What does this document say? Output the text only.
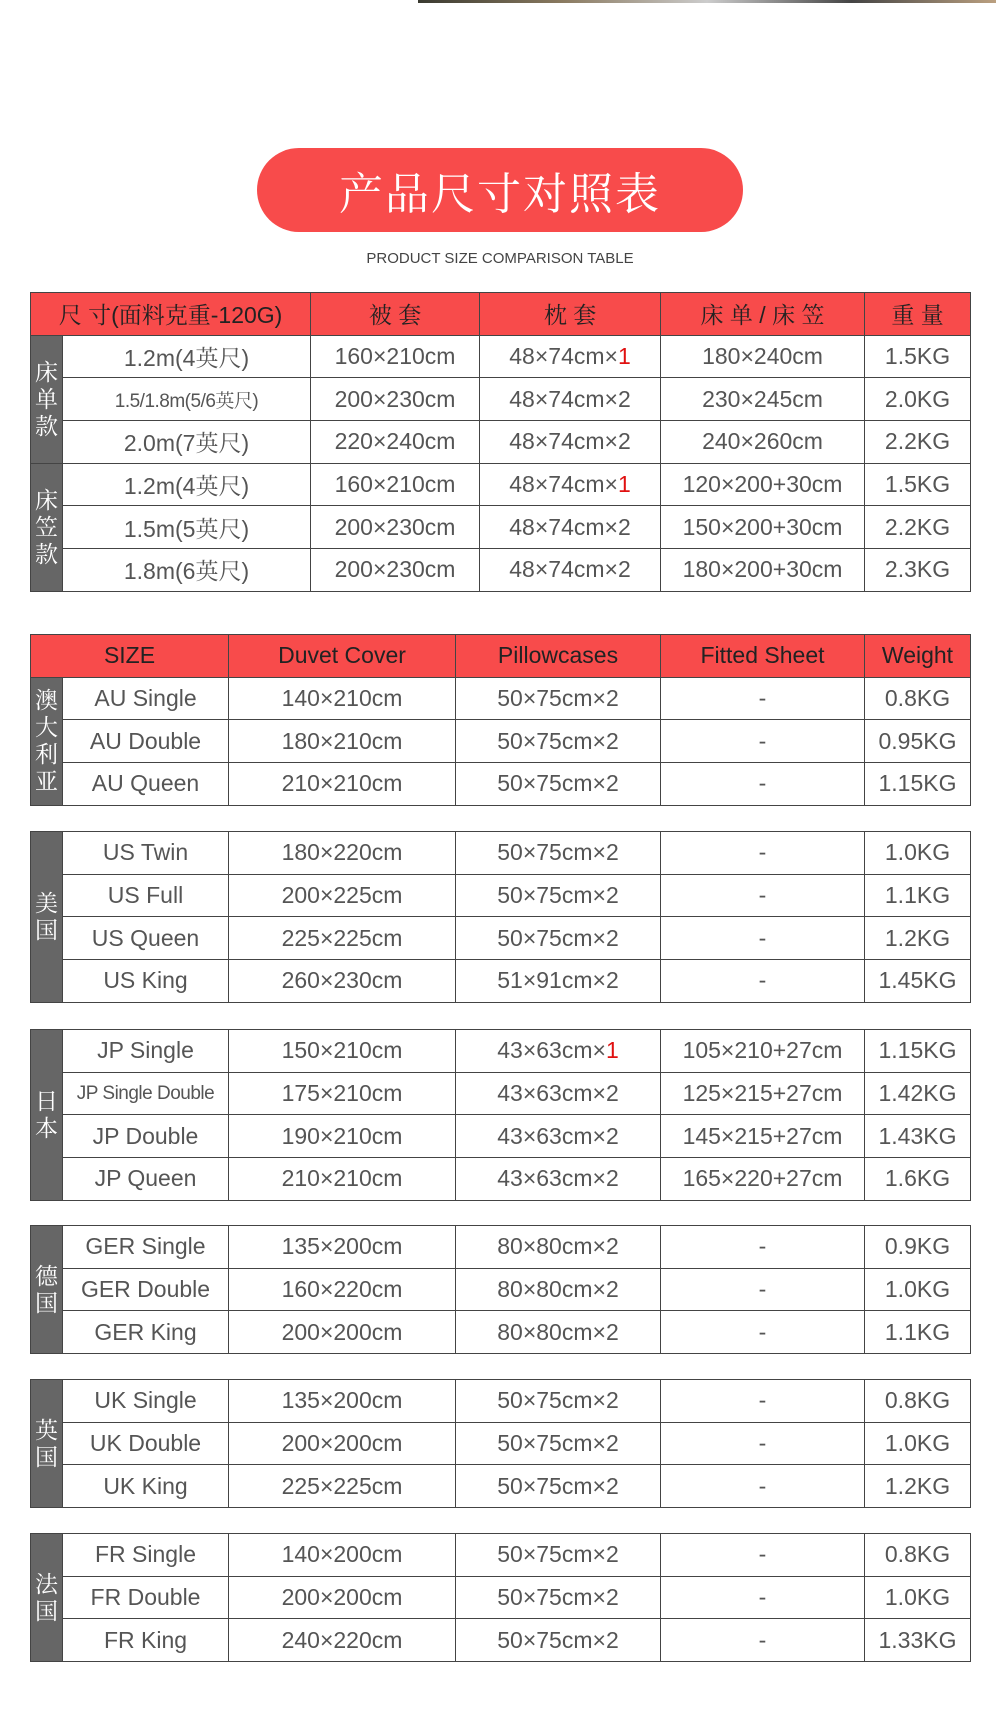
产品尺寸对照表
PRODUCT SIZE COMPARISON TABLE
尺 寸(面料克重-120G)		被 套	枕 套	床 单 / 床 笠	重 量
床单款	1.2m(4英尺)	160×210cm	48×74cm×1	180×240cm	1.5KG
	1.5/1.8m(5/6英尺)	200×230cm	48×74cm×2	230×245cm	2.0KG
	2.0m(7英尺)	220×240cm	48×74cm×2	240×260cm	2.2KG
床笠款	1.2m(4英尺)	160×210cm	48×74cm×1	120×200+30cm	1.5KG
	1.5m(5英尺)	200×230cm	48×74cm×2	150×200+30cm	2.2KG
	1.8m(6英尺)	200×230cm	48×74cm×2	180×200+30cm	2.3KG
SIZE		Duvet Cover	Pillowcases	Fitted Sheet	Weight
澳大利亚	AU Single	140×210cm	50×75cm×2	-	0.8KG
	AU Double	180×210cm	50×75cm×2	-	0.95KG
	AU Queen	210×210cm	50×75cm×2	-	1.15KG
美国	US Twin	180×220cm	50×75cm×2	-	1.0KG
	US Full	200×225cm	50×75cm×2	-	1.1KG
	US Queen	225×225cm	50×75cm×2	-	1.2KG
	US King	260×230cm	51×91cm×2	-	1.45KG
日本	JP Single	150×210cm	43×63cm×1	105×210+27cm	1.15KG
	JP Single Double	175×210cm	43×63cm×2	125×215+27cm	1.42KG
	JP Double	190×210cm	43×63cm×2	145×215+27cm	1.43KG
	JP Queen	210×210cm	43×63cm×2	165×220+27cm	1.6KG
德国	GER Single	135×200cm	80×80cm×2	-	0.9KG
	GER Double	160×220cm	80×80cm×2	-	1.0KG
	GER King	200×200cm	80×80cm×2	-	1.1KG
英国	UK Single	135×200cm	50×75cm×2	-	0.8KG
	UK Double	200×200cm	50×75cm×2	-	1.0KG
	UK King	225×225cm	50×75cm×2	-	1.2KG
法国	FR Single	140×200cm	50×75cm×2	-	0.8KG
	FR Double	200×200cm	50×75cm×2	-	1.0KG
	FR King	240×220cm	50×75cm×2	-	1.33KG
